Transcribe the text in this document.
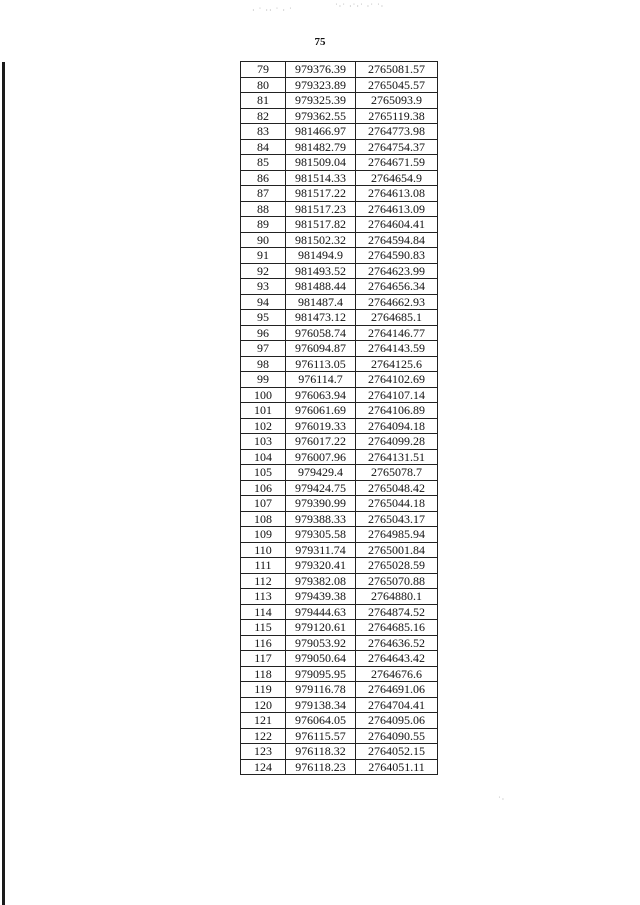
· ˙ ·· ˙ · ˙	˙·˙ ·˙·˙ ·˙ ˙·
˙·
75
79	979376.39	2765081.57
80	979323.89	2765045.57
81	979325.39	2765093.9
82	979362.55	2765119.38
83	981466.97	2764773.98
84	981482.79	2764754.37
85	981509.04	2764671.59
86	981514.33	2764654.9
87	981517.22	2764613.08
88	981517.23	2764613.09
89	981517.82	2764604.41
90	981502.32	2764594.84
91	981494.9	2764590.83
92	981493.52	2764623.99
93	981488.44	2764656.34
94	981487.4	2764662.93
95	981473.12	2764685.1
96	976058.74	2764146.77
97	976094.87	2764143.59
98	976113.05	2764125.6
99	976114.7	2764102.69
100	976063.94	2764107.14
101	976061.69	2764106.89
102	976019.33	2764094.18
103	976017.22	2764099.28
104	976007.96	2764131.51
105	979429.4	2765078.7
106	979424.75	2765048.42
107	979390.99	2765044.18
108	979388.33	2765043.17
109	979305.58	2764985.94
110	979311.74	2765001.84
111	979320.41	2765028.59
112	979382.08	2765070.88
113	979439.38	2764880.1
114	979444.63	2764874.52
115	979120.61	2764685.16
116	979053.92	2764636.52
117	979050.64	2764643.42
118	979095.95	2764676.6
119	979116.78	2764691.06
120	979138.34	2764704.41
121	976064.05	2764095.06
122	976115.57	2764090.55
123	976118.32	2764052.15
124	976118.23	2764051.11
